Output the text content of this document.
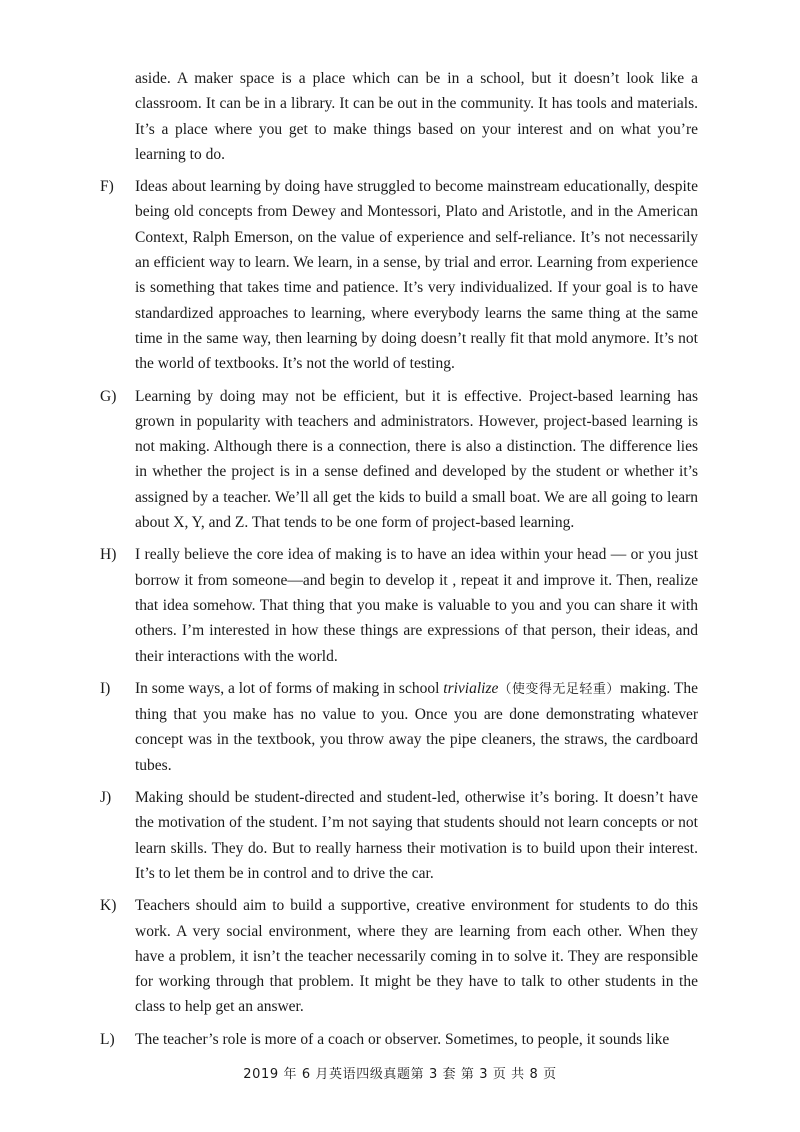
aside. A maker space is a place which can be in a school, but it doesn’t look like a classroom. It can be in a library. It can be out in the community. It has tools and materials. It’s a place where you get to make things based on your interest and on what you’re learning to do.
F) Ideas about learning by doing have struggled to become mainstream educationally, despite being old concepts from Dewey and Montessori, Plato and Aristotle, and in the American Context, Ralph Emerson, on the value of experience and self-reliance. It’s not necessarily an efficient way to learn. We learn, in a sense, by trial and error. Learning from experience is something that takes time and patience. It’s very individualized. If your goal is to have standardized approaches to learning, where everybody learns the same thing at the same time in the same way, then learning by doing doesn’t really fit that mold anymore. It’s not the world of textbooks. It’s not the world of testing.
G) Learning by doing may not be efficient, but it is effective. Project-based learning has grown in popularity with teachers and administrators. However, project-based learning is not making. Although there is a connection, there is also a distinction. The difference lies in whether the project is in a sense defined and developed by the student or whether it’s assigned by a teacher. We’ll all get the kids to build a small boat. We are all going to learn about X, Y, and Z. That tends to be one form of project-based learning.
H) I really believe the core idea of making is to have an idea within your head — or you just borrow it from someone—and begin to develop it , repeat it and improve it. Then, realize that idea somehow. That thing that you make is valuable to you and you can share it with others. I’m interested in how these things are expressions of that person, their ideas, and their interactions with the world.
I) In some ways, a lot of forms of making in school trivialize（使变得无足轻重）making. The thing that you make has no value to you. Once you are done demonstrating whatever concept was in the textbook, you throw away the pipe cleaners, the straws, the cardboard tubes.
J) Making should be student-directed and student-led, otherwise it’s boring. It doesn’t have the motivation of the student. I’m not saying that students should not learn concepts or not learn skills. They do. But to really harness their motivation is to build upon their interest. It’s to let them be in control and to drive the car.
K) Teachers should aim to build a supportive, creative environment for students to do this work. A very social environment, where they are learning from each other. When they have a problem, it isn’t the teacher necessarily coming in to solve it. They are responsible for working through that problem. It might be they have to talk to other students in the class to help get an answer.
L) The teacher’s role is more of a coach or observer. Sometimes, to people, it sounds like
2019 年 6 月英语四级真题第 3 套 第 3 页 共 8 页
